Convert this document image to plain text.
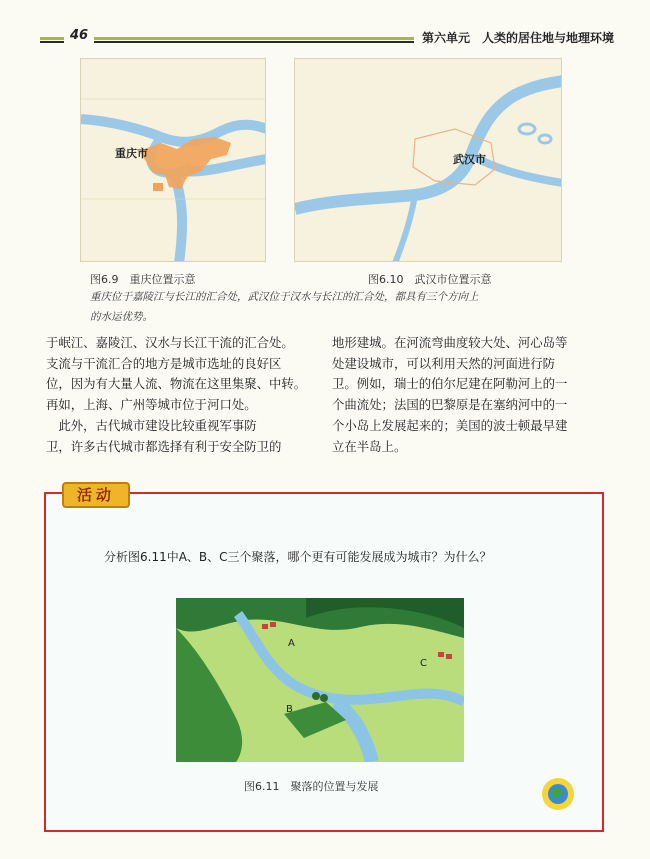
46	第六单元　人类的居住地与地理环境
重庆市
图6.9　重庆位置示意
武汉市
图6.10　武汉市位置示意
重庆位于嘉陵江与长江的汇合处，武汉位于汉水与长江的汇合处，都具有三个方向上
的水运优势。

于岷江、嘉陵江、汉水与长江干流的汇合处。

支流与干流汇合的地方是城市选址的良好区

位，因为有大量人流、物流在这里集聚、中转。

再如，上海、广州等城市位于河口处。

　此外，古代城市建设比较重视军事防

卫，许多古代城市都选择有利于安全防卫的

地形建城。在河流弯曲度较大处、河心岛等

处建设城市，可以利用天然的河面进行防

卫。例如，瑞士的伯尔尼建在阿勒河上的一

个曲流处；法国的巴黎原是在塞纳河中的一

个小岛上发展起来的；美国的波士顿最早建

立在半岛上。

活动
分析图6.11中A、B、C三个聚落，哪个更有可能发展成为城市？为什么？
A
B
C
图6.11　聚落的位置与发展
